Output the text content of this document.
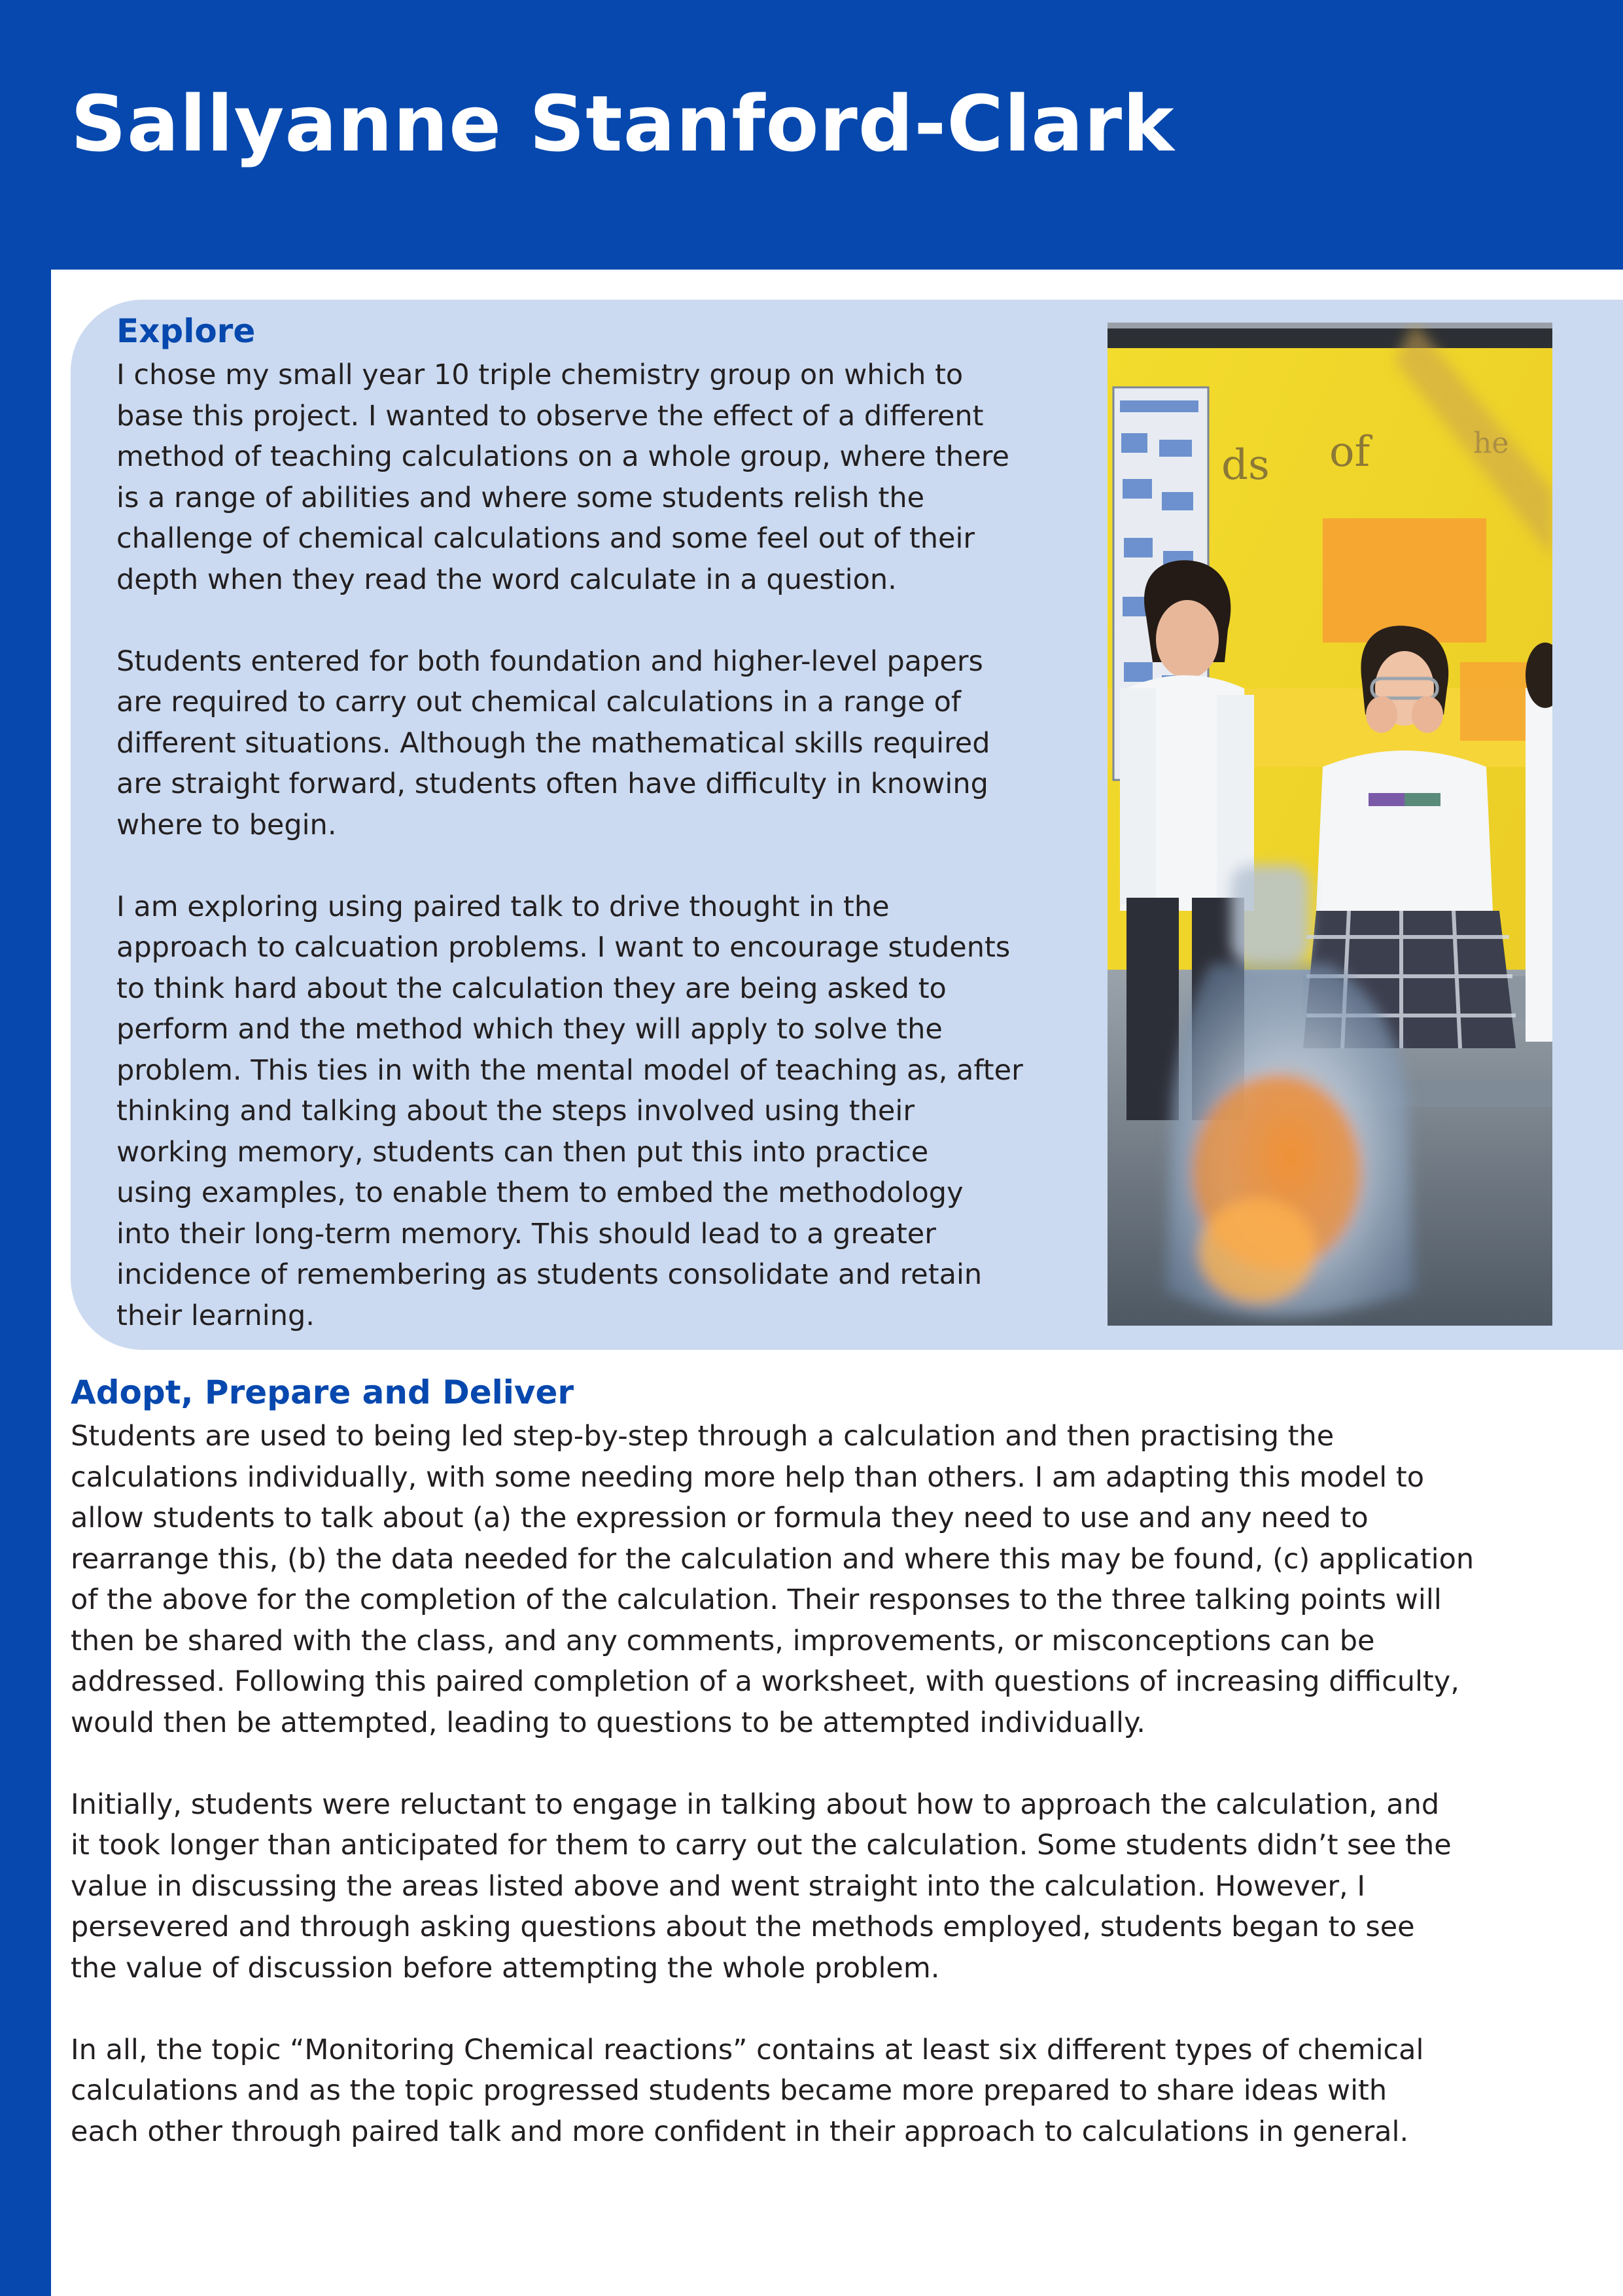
Sallyanne Stanford-Clark
Explore

I chose my small year 10 triple chemistry group on which to
base this project. I wanted to observe the effect of a different
method of teaching calculations on a whole group, where there
is a range of abilities and where some students relish the
challenge of chemical calculations and some feel out of their
depth when they read the word calculate in a question.

Students entered for both foundation and higher-level papers
are required to carry out chemical calculations in a range of
different situations. Although the mathematical skills required
are straight forward, students often have difficulty in knowing
where to begin.

I am exploring using paired talk to drive thought in the
approach to calcuation problems. I want to encourage students
to think hard about the calculation they are being asked to
perform and the method which they will apply to solve the
problem. This ties in with the mental model of teaching as, after
thinking and talking about the steps involved using their
working memory, students can then put this into practice
using examples, to enable them to embed the methodology
into their long-term memory. This should lead to a greater
incidence of remembering as students consolidate and retain
their learning.

ds of
Adopt, Prepare and Deliver

Students are used to being led step-by-step through a calculation and then practising the
calculations individually, with some needing more help than others. I am adapting this model to
allow students to talk about (a) the expression or formula they need to use and any need to
rearrange this, (b) the data needed for the calculation and where this may be found, (c) application
of the above for the completion of the calculation. Their responses to the three talking points will
then be shared with the class, and any comments, improvements, or misconceptions can be
addressed. Following this paired completion of a worksheet, with questions of increasing difficulty,
would then be attempted, leading to questions to be attempted individually.

Initially, students were reluctant to engage in talking about how to approach the calculation, and
it took longer than anticipated for them to carry out the calculation. Some students didn’t see the
value in discussing the areas listed above and went straight into the calculation. However, I
persevered and through asking questions about the methods employed, students began to see
the value of discussion before attempting the whole problem.

In all, the topic “Monitoring Chemical reactions” contains at least six different types of chemical
calculations and as the topic progressed students became more prepared to share ideas with
each other through paired talk and more confident in their approach to calculations in general.
